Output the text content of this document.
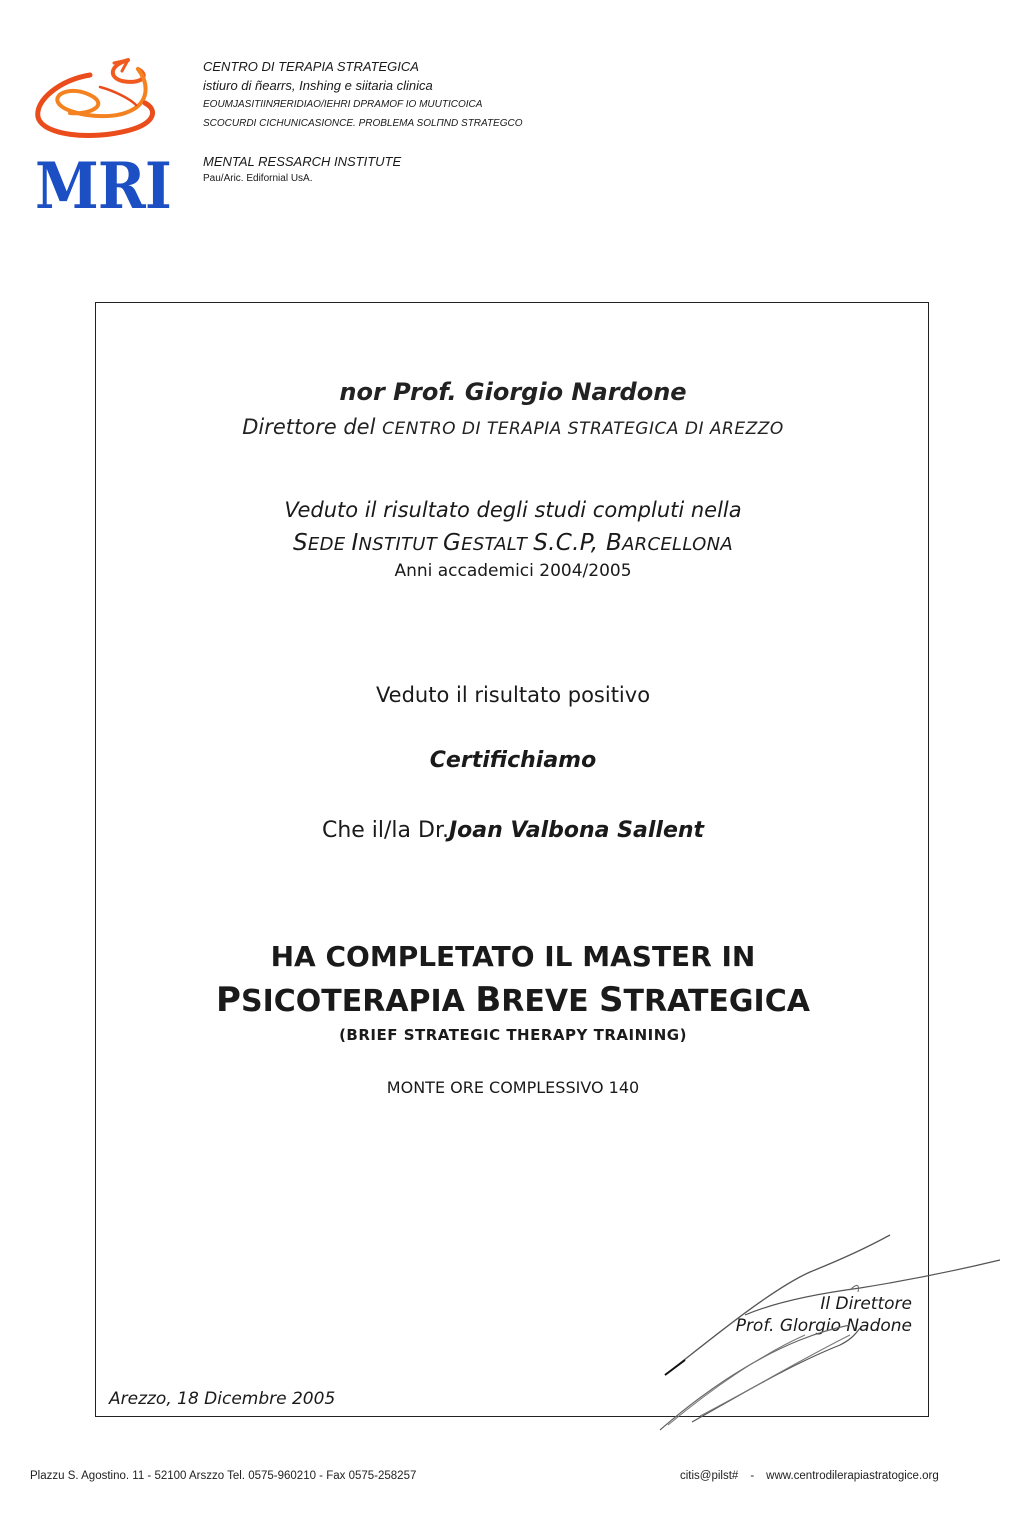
MRI
CENTRO DI TERAPIA STRATEGICA
istiuro di ñearrs, Inshing e siitaria clinica
EOUMJASITIINЯERIDIAO/IEHRI DPRAMOF IO MUUTICOICA
SCOCURDI CICHUNICASIONCE. PROBLEMA SOLΠND STRATEGCO
MENTAL RESSARCH INSTITUTE
Pau/Aric. Edifornial UsA.
nor Prof. Giorgio Nardone
Direttore del CENTRO DI TERAPIA STRATEGICA DI AREZZO
Veduto il risultato degli studi compluti nella
SEDE INSTITUT GESTALT S.C.P, BARCELLONA
Anni accademici 2004/2005
Veduto il risultato positivo
Certifichiamo
Che il/la Dr.Joan Valbona Sallent
HA COMPLETATO IL MASTER IN
PSICOTERAPIA BREVE STRATEGICA
(BRIEF STRATEGIC THERAPY TRAINING)
MONTE ORE COMPLESSIVO 140
Il Direttore
Prof. Glorgio Nadone
Arezzo, 18 Dicembre 2005
Plazzu S. Agostino. 11 - 52100 Arszzo Tel. 0575-960210 - Fax 0575-258257	citis@pilst# - www.centrodilerapiastratogice.org
